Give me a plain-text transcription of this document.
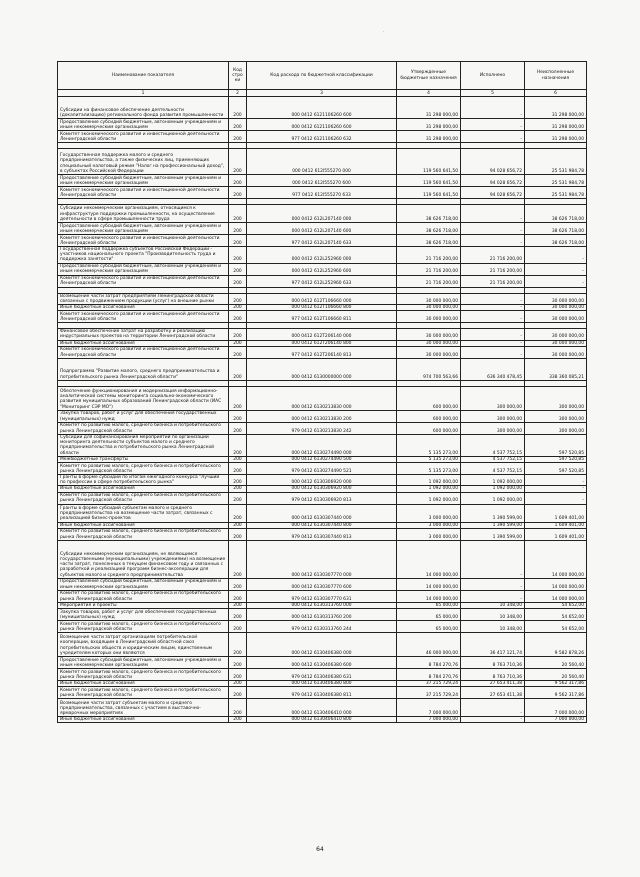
·
Наименование показателя	Код стро ки	Код расхода по бюджетной классификации	Утвержденные бюджетные назначения	Исполнено	Неисполненные назначения
1	2	3	4	5	6
Субсидии на финансовое обеспечение деятельности (докапитализацию) регионального фонда развития промышленности	200	000 0412 6121106260 600	31 298 000,00	-	31 298 000,00
Предоставление субсидий бюджетным, автономным учреждениям и иным некоммерческим организациям	200	000 0412 6121106260 600	31 298 000,00	-	31 298 000,00
Комитет экономического развития и инвестиционной деятельности Ленинградской области	200	977 0412 6121106260 632	31 298 000,00	-	31 298 000,00

Государственная поддержка малого и среднего предпринимательства, а также физических лиц, применяющих специальный налоговый режим "Налог на профессиональный доход", в субъектах Российской Федерации	200	000 0412 612I555270 000	119 560 641,50	94 028 656,72	25 531 984,78
Предоставление субсидий бюджетным, автономным учреждениям и иным некоммерческим организациям	200	000 0412 612I555270 600	119 560 641,50	94 028 656,72	25 531 984,78
Комитет экономического развития и инвестиционной деятельности Ленинградской области	200	977 0412 612I555270 633	119 560 641,50	94 028 656,72	25 531 984,78

Субсидии некоммерческим организациям, относящимся к инфраструктуре поддержки промышленности, на осуществление деятельности в сфере промышленности труда	200	000 0412 612L207140 000	38 626 718,00	-	38 626 718,00
Предоставление субсидий бюджетным, автономным учреждениям и иным некоммерческим организациям	200	000 0412 612L207140 600	38 626 718,00	-	38 626 718,00
Комитет экономического развития и инвестиционной деятельности Ленинградской области	200	977 0412 612L207140 633	38 626 718,00	-	38 626 718,00
Государственная поддержка субъектов Российской Федерации - участников национального проекта "Производительность труда и поддержка занятости"	200	000 0412 612L252960 000	21 716 200,00	21 716 200,00	-
Предоставление субсидий бюджетным, автономным учреждениям и иным некоммерческим организациям	200	000 0412 612L252960 600	21 716 200,00	21 716 200,00	-
Комитет экономического развития и инвестиционной деятельности Ленинградской области	200	977 0412 612L252960 633	21 716 200,00	21 716 200,00	-

Возмещение части затрат предприятиям Ленинградской области связанных с продвижением продукции (услуг) на внешние рынки	200	000 0412 612T106660 000	30 000 000,00	-	30 000 000,00
Иные бюджетные ассигнования	200	000 0412 612T106660 800	30 000 000,00	-	30 000 000,00
Комитет экономического развития и инвестиционной деятельности Ленинградской области	200	977 0412 612T106660 811	30 000 000,00	-	30 000 000,00

Финансовое обеспечение затрат на разработку и реализацию индустриальных проектов на территории Ленинградской области	200	000 0412 612T206140 000	30 000 000,00	-	30 000 000,00
Иные бюджетные ассигнования	200	000 0412 612T206140 800	30 000 000,00	-	30 000 000,00
Комитет экономического развития и инвестиционной деятельности Ленинградской области	200	977 0412 612T206140 813	30 000 000,00	-	30 000 000,00
Подпрограмма "Развитие малого, среднего предпринимательства и потребительского рынка Ленинградской области"	200	000 0412 6130000000 000	974 700 563,66	636 340 478,45	338 360 085,21

Обеспечение функционирования и модернизация информационно-аналитической системы мониторинга социально-экономического развития муниципальных образований Ленинградской области (ИАС "Мониторинг СЭР МО")	200	000 0412 6130213830 000	600 000,00	300 000,00	300 000,00
Закупка товаров, работ и услуг для обеспечения государственных (муниципальных) нужд	200	000 0412 6130213830 200	600 000,00	300 000,00	300 000,00
Комитет по развитию малого, среднего бизнеса и потребительского рынка Ленинградской области	200	979 0412 6130213830 242	600 000,00	300 000,00	300 000,00
Субсидии для софинансирования мероприятий по организации мониторинга деятельности субъектов малого и среднего предпринимательства и потребительского рынка Ленинградской области	200	000 0412 6130274490 000	5 135 273,00	4 537 752,15	597 520,85
Межбюджетные трансферты	200	000 0412 6130274490 500	5 135 273,00	4 537 752,15	597 520,85
Комитет по развитию малого, среднего бизнеса и потребительского рынка Ленинградской области	200	979 0412 6130274490 521	5 135 273,00	4 537 752,15	597 520,85
Гранты в форме субсидий по итогам ежегодного конкурса "Лучший по профессии в сфере потребительского рынка"	200	000 0412 6130306920 000	1 092 000,00	1 092 000,00	-
Иные бюджетные ассигнования	200	000 0412 6130306920 800	1 092 000,00	1 092 000,00	-
Комитет по развитию малого, среднего бизнеса и потребительского рынка Ленинградской области	200	979 0412 6130306920 813	1 092 000,00	1 092 000,00	-
Гранты в форме субсидий субъектам малого и среднего предпринимательства на возмещение части затрат, связанных с реализацией бизнес-проектов	200	000 0412 6130307440 000	3 000 000,00	1 390 599,00	1 609 401,00
Иные бюджетные ассигнования	200	000 0412 6130307440 800	3 000 000,00	1 390 599,00	1 609 401,00
Комитет по развитию малого, среднего бизнеса и потребительского рынка Ленинградской области	200	979 0412 6130307440 813	3 000 000,00	1 390 599,00	1 609 401,00
Субсидии некоммерческим организациям, не являющимся государственными (муниципальными) учреждениями) на возмещение части затрат, понесенных в текущем финансовом году и связанных с разработкой и реализацией программ бизнес-акселерации для субъектов малого и среднего предпринимательства	200	000 0412 6130307770 000	14 000 000,00	-	14 000 000,00
Предоставление субсидий бюджетным, автономным учреждениям и иным некоммерческим организациям	200	000 0412 6130307770 600	14 000 000,00	-	14 000 000,00
Комитет по развитию малого, среднего бизнеса и потребительского рынка Ленинградской области	200	979 0412 6130307770 631	14 000 000,00	-	14 000 000,00
Мероприятия и проекты	200	000 0412 6130313760 000	65 000,00	10 348,00	54 652,00
Закупка товаров, работ и услуг для обеспечения государственных (муниципальных) нужд	200	000 0412 6130313760 200	65 000,00	10 348,00	54 652,00
Комитет по развитию малого, среднего бизнеса и потребительского рынка Ленинградской области	200	979 0412 6130313760 244	65 000,00	10 348,00	54 652,00
Возмещение части затрат организациям потребительской кооперации, входящим в Ленинградский областной союз потребительских обществ и юридическим лицам, единственным учредителем которых они являются	200	000 0412 6130406380 000	46 000 000,00	36 417 121,74	9 582 878,26
Предоставление субсидий бюджетным, автономным учреждениям и иным некоммерческим организациям	200	000 0412 6130406380 600	8 784 270,76	8 763 710,36	20 560,40
Комитет по развитию малого, среднего бизнеса и потребительского рынка Ленинградской области	200	979 0412 6130406380 631	8 784 270,76	8 763 710,36	20 560,40
Иные бюджетные ассигнования	200	000 0412 6130406380 800	37 215 729,24	27 653 411,38	9 562 317,86
Комитет по развитию малого, среднего бизнеса и потребительского рынка Ленинградской области	200	979 0412 6130406380 811	37 215 729,24	27 653 411,38	9 562 317,86
Возмещение части затрат субъектам малого и среднего предпринимательства, связанных с участием в выставочно-ярмарочных мероприятиях	200	000 0412 6130406410 000	7 000 000,00	-	7 000 000,00
Иные бюджетные ассигнования	200	000 0412 6130406410 800	7 000 000,00	-	7 000 000,00
64
